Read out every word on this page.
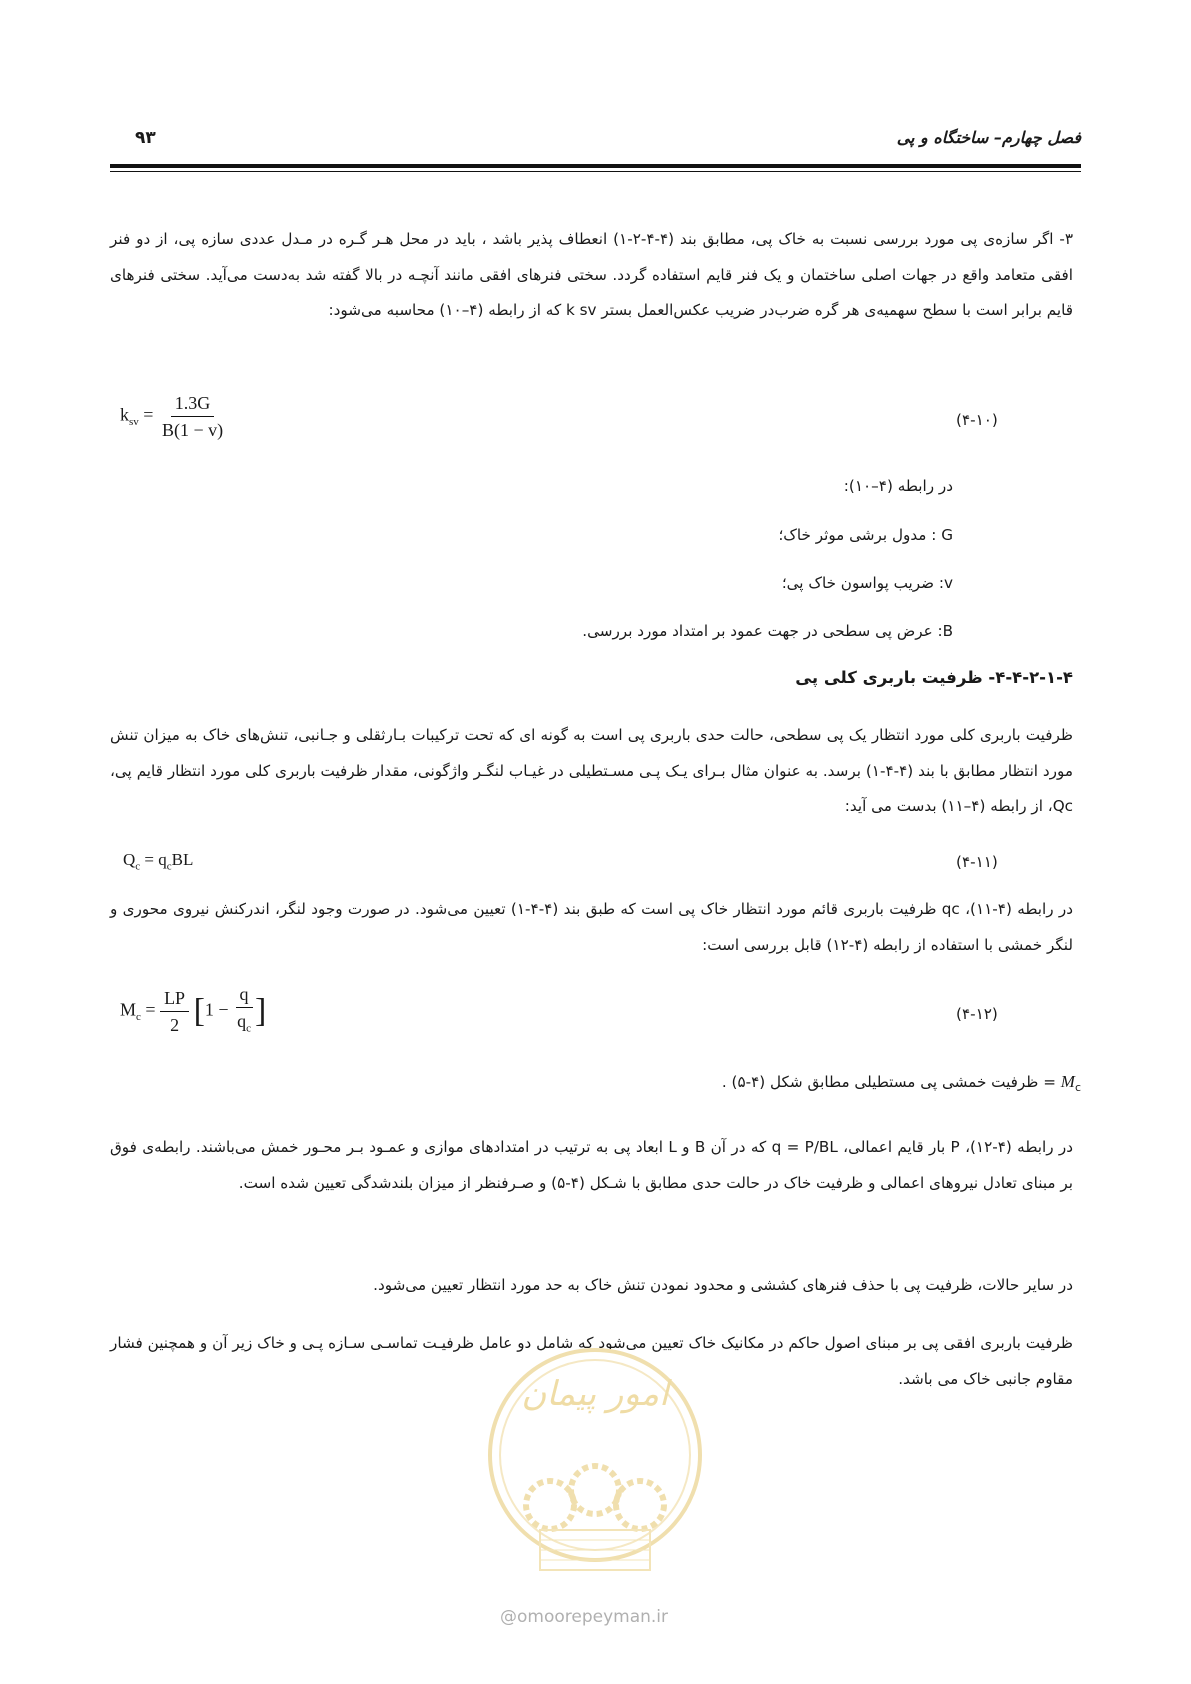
فصل چهارم– ساختگاه و پی
۹۳
۳- اگر سازه‌ی پی مورد بررسی نسبت به خاک پی، مطابق بند (۴-۴-۲-۱) انعطاف پذیر باشد ، باید در محل هـر گـره در مـدل عددی سازه پی، از دو فنر افقی متعامد واقع در جهات اصلی ساختمان و یک فنر قایم استفاده گردد. سختی فنرهای افقی مانند آنچـه در بالا گفته شد به‌دست می‌آید. سختی فنرهای قایم برابر است با سطح سهمیه‌ی هر گره ضرب‌در ضریب عکس‌العمل بستر k sv که از رابطه (۴–۱۰) محاسبه می‌شود:
$k_{sv} = \frac{1.3G}{B(1 - v)}$	(۴-۱۰)
در رابطه (۴–۱۰):
G : مدول برشی موثر خاک؛
v: ضریب پواسون خاک پی؛
B: عرض پی سطحی در جهت عمود بر امتداد مورد بررسی.
۴-۴-۲-۱-۴- ظرفیت باربری کلی پی
ظرفیت باربری کلی مورد انتظار یک پی سطحی، حالت حدی باربری پی است به گونه ای که تحت ترکیبات بـارثقلی و جـانبی، تنش‌های خاک به میزان تنش مورد انتظار مطابق با بند (۴-۴-۱) برسد. به عنوان مثال بـرای یـک پـی مسـتطیلی در غیـاب لنگـر واژگونی، مقدار ظرفیت باربری کلی مورد انتظار قایم پی، Qc، از رابطه (۴–۱۱) بدست می آید:
$Q_c = q_cBL$	(۴-۱۱)
در رابطه (۴-۱۱)، qc ظرفیت باربری قائم مورد انتظار خاک پی است که طبق بند (۴-۴-۱) تعیین می‌شود. در صورت وجود لنگر، اندرکنش نیروی محوری و لنگر خمشی با استفاده از رابطه (۴-۱۲) قابل بررسی است:
$M_c = \frac{LP}{2} [1 - \frac{q}{q_c}$ ]	(۴-۱۲)
$M_c$ = ظرفیت خمشی پی مستطیلی مطابق شکل (۴-۵) .
در رابطه (۴-۱۲)، P بار قایم اعمالی، q = P/BL که در آن B و L ابعاد پی به ترتیب در امتدادهای موازی و عمـود بـر محـور خمش می‌باشند. رابطه‌ی فوق بر مبنای تعادل نیروهای اعمالی و ظرفیت خاک در حالت حدی مطابق با شـکل (۴-۵) و صـرفنظر از میزان بلندشدگی تعیین شده است.
در سایر حالات، ظرفیت پی با حذف فنرهای کششی و محدود نمودن تنش خاک به حد مورد انتظار تعیین می‌شود.
ظرفیت باربری افقی پی بر مبنای اصول حاکم در مکانیک خاک تعیین می‌شود که شامل دو عامل ظرفیـت تماسـی سـازه پـی و خاک زیر آن و همچنین فشار مقاوم جانبی خاک می باشد.
امور پیمان
@omoorepeyman.ir
